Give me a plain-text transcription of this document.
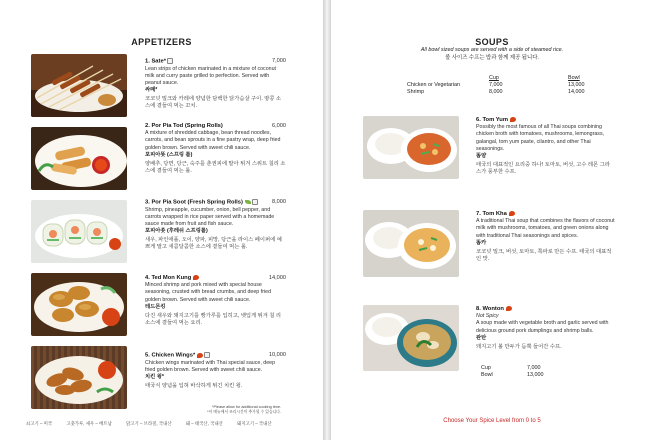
APPETIZERS
1. Sate*	7,000
Lean strips of chicken marinated in a mixture of coconut milk and curry paste grilled to perfection. Served with peanut sauce.
싸떼*
코코넛 밀크와 카레에 양념한 담백한 닭가슴살 구이. 땅콩 소스에 곁들여 먹는 꼬치.
2. Por Pia Tod (Spring Rolls)	6,000
A mixture of shredded cabbage, bean thread noodles, carrots, and bean sprouts in a fine pastry wrap, deep fried golden brown. Served with sweet chili sauce.
포피아똣 (스프링 롤)
양배추, 당면, 당근, 숙주를 춘권피에 말아 튀겨 스위트 칠리 소스에 곁들여 먹는 롤.
3. Por Pia Soot (Fresh Spring Rolls)	8,000
Shrimp, pineapple, cucumber, onion, bell pepper, and carrots wrapped in rice paper served with a homemade sauce made from fruit and fish sauce.
포피아쏫 (후레쉬 스프링롤)
새우, 파인애플, 오이, 양파, 피망, 당근을 라이스 페이퍼에 예쁘게 말고 새콤달콤한 소스에 곁들여 먹는 롤.
4. Ted Mon Kung	14,000
Minced shrimp and pork mixed with special house seasoning, crusted with bread crumbs, and deep fried golden brown. Served with sweet chili sauce.
테드몬킹
다진 새우와 돼지고기를 빵가루를 입히고, 뱃입게 튀겨 칠 리소스에 곁들여 먹는 요리.
5. Chicken Wings*	10,000
Chicken wings marinated with Thai special sauce, deep fried golden brown. Served with sweet chili sauce.
치킨 윙*
태국식 양념을 입혀 바삭하게 튀긴 치킨 윙.
*Please allow for additional cooking time.
*이 메뉴에서 조리시간이 추가될 수 있습니다.
쇠고기 – 미국	고춧가루, 새우 – 베트남	닭고기 – 브라질, 국내산	돼 – 태국산, 국내산	돼지고기 – 국내산
SOUPS
All bowl sized soups are served with a side of steamed rice.
볼 사이즈 수프는 밥과 함께 제공 됩니다.
Cup	Bowl
Chicken or Vegetarian	7,000	13,000
Shrimp	8,000	14,000
6. Tom Yum
Possibly the most famous of all Thai soups combining chicken broth with tomatoes, mushrooms, lemongrass, galangal, tom yum paste, cilantro, and other Thai seasonings.
똠얌
태국의 대표적인 요리중 하나! 토마토, 버섯, 고수 레몬 그라 스가 풍부한 수프.
7. Tom Kha
A traditional Thai soup that combines the flavors of coconut milk with mushrooms, tomatoes, and green onions along with traditional Thai seasonings and spices.
똠카
코코넛 밀크, 버섯, 토마토, 쪽파로 만든 수프. 태국의 대표적 인 맛.
8. Wonton
Not Spicy
A soup made with vegetable broth and garlic served with delicious ground pork dumplings and shrimp balls.
완탄
돼지고기 볼 만두가 듬뿍 들어간 수프.
Cup	7,000
Bowl	13,000
Choose Your Spice Level from 0 to 5
